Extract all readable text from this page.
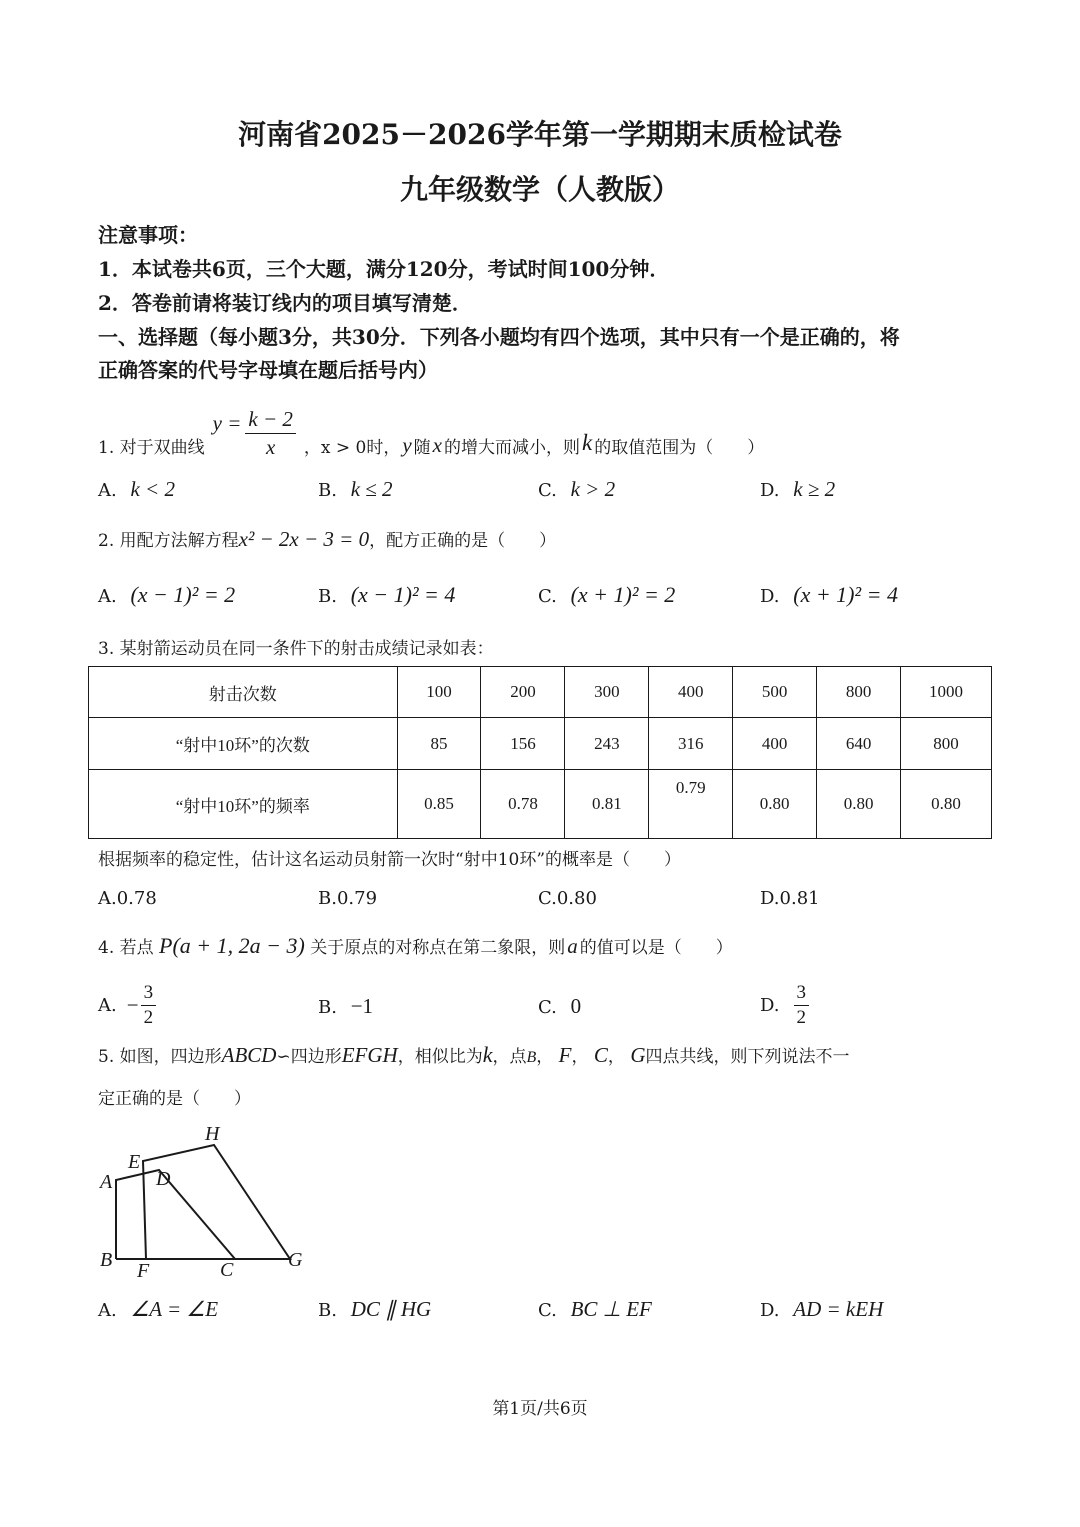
河南省2025－2026学年第一学期期末质检试卷
九年级数学（人教版）
注意事项：
1．本试卷共6页，三个大题，满分120分，考试时间100分钟．
2．答卷前请将装订线内的项目填写清楚．
一、选择题（每小题3分，共30分．下列各小题均有四个选项，其中只有一个是正确的，将
正确答案的代号字母填在题后括号内）
1. 对于双曲线
$y = \frac{k - 2}{x}$ ，x > 0时， y 随 x 的增大而减小，则 k 的取值范围为（　　）
A. k < 2	B. k ≤ 2	C. k > 2	D. k ≥ 2
2. 用配方法解方程x² − 2x − 3 = 0，配方正确的是（　　）
A. (x − 1)² = 2	B. (x − 1)² = 4	C. (x + 1)² = 2	D. (x + 1)² = 4
3. 某射箭运动员在同一条件下的射击成绩记录如表：
射击次数	100	200	300	400	500	800	1000
“射中10环”的次数	85	156	243	316	400	640	800
“射中10环”的频率	0.85	0.78	0.81	0.79	0.80	0.80	0.80
根据频率的稳定性，估计这名运动员射箭一次时“射中10环”的概率是（　　）
A.0.78	B.0.79	C.0.80	D.0.81
4. 若点 P(a + 1, 2a − 3) 关于原点的对称点在第二象限，则a 的值可以是（　　）
A. − $\frac{3}{2}$	B. −1	C. 0	D. $\frac{3}{2}$
5. 如图，四边形ABCD∽四边形EFGH，相似比为k，点B， F， C， G四点共线，则下列说法不一
定正确的是（　　）
H
E
A D
B F	C	G
A. ∠A = ∠E	B. DC ∥ HG	C. BC ⊥ EF	D. AD = kEH
第1页/共6页
